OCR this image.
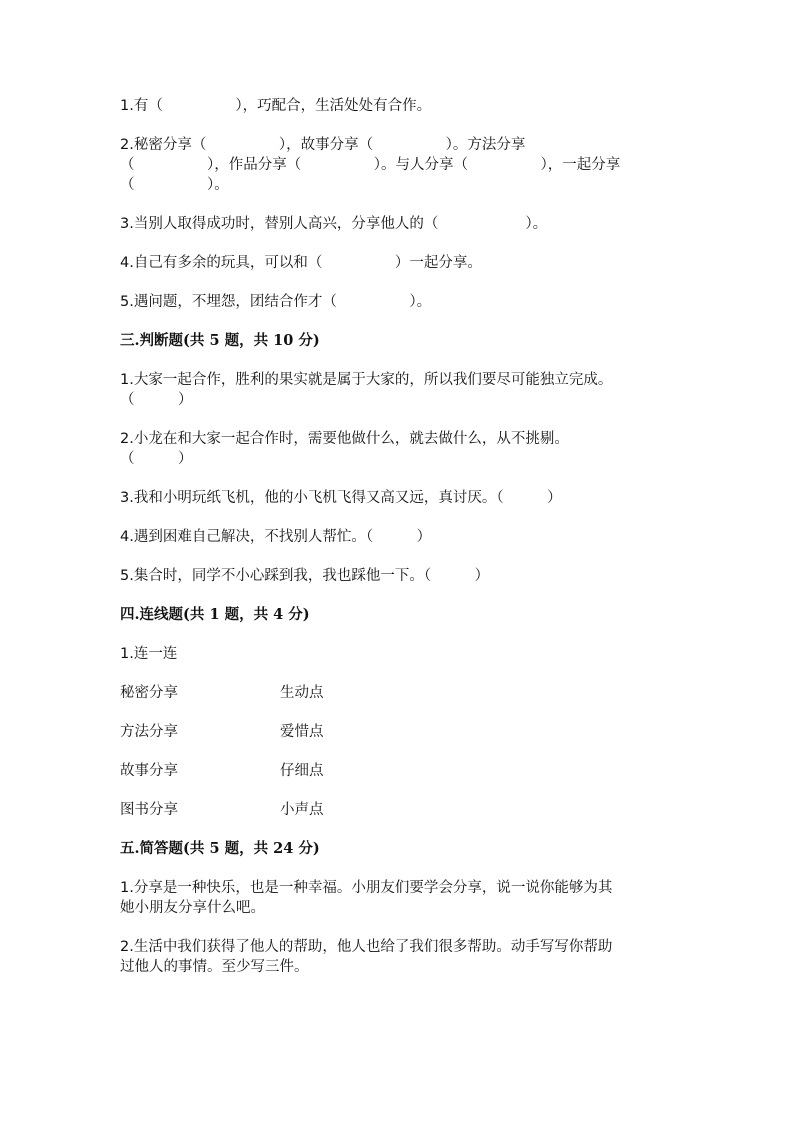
1.有（　　　　　），巧配合，生活处处有合作。
2.秘密分享（　　　　　），故事分享（　　　　　）。方法分享
（　　　　　），作品分享（　　　　　）。与人分享（　　　　　），一起分享
（　　　　　）。
3.当别人取得成功时，替别人高兴，分享他人的（　　　　　　）。
4.自己有多余的玩具，可以和（　　　　　）一起分享。
5.遇问题，不埋怨，团结合作才（　　　　　）。
三.判断题(共 5 题，共 10 分)
1.大家一起合作，胜利的果实就是属于大家的，所以我们要尽可能独立完成。
（　　　）
2.小龙在和大家一起合作时，需要他做什么，就去做什么，从不挑剔。
（　　　）
3.我和小明玩纸飞机，他的小飞机飞得又高又远，真讨厌。（　　　）
4.遇到困难自己解决，不找别人帮忙。（　　　）
5.集合时，同学不小心踩到我，我也踩他一下。（　　　）
四.连线题(共 1 题，共 4 分)
1.连一连
秘密分享	生动点
方法分享	爱惜点
故事分享	仔细点
图书分享	小声点
五.简答题(共 5 题，共 24 分)
1.分享是一种快乐，也是一种幸福。小朋友们要学会分享，说一说你能够为其
她小朋友分享什么吧。
2.生活中我们获得了他人的帮助，他人也给了我们很多帮助。动手写写你帮助
过他人的事情。至少写三件。
